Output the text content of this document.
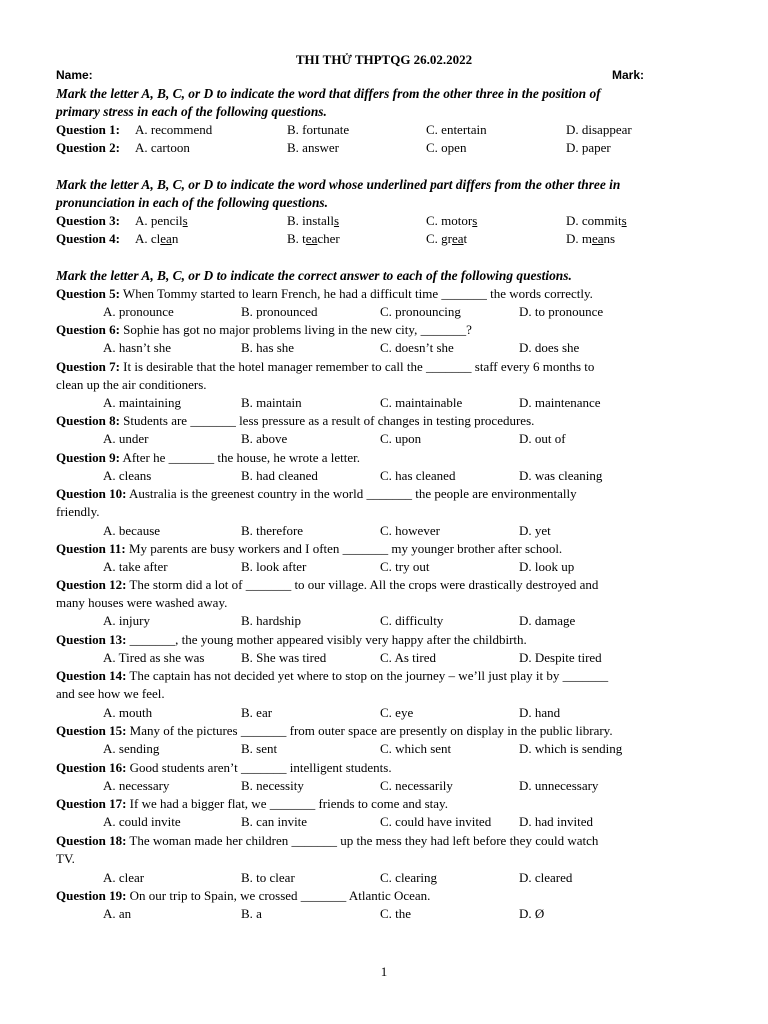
THI THỬ THPTQG 26.02.2022
Name:	Mark:
Mark the letter A, B, C, or D to indicate the word that differs from the other three in the position of
primary stress in each of the following questions.
Question 1: A. recommend	B. fortunate	C. entertain	D. disappear
Question 2: A. cartoon	B. answer	C. open	D. paper
Mark the letter A, B, C, or D to indicate the word whose underlined part differs from the other three in
pronunciation in each of the following questions.
Question 3: A. pencils	B. installs	C. motors	D. commits
Question 4: A. clean	B. teacher	C. great	D. means
Mark the letter A, B, C, or D to indicate the correct answer to each of the following questions.
Question 5: When Tommy started to learn French, he had a difficult time _______ the words correctly.
A. pronounce	B. pronounced	C. pronouncing	D. to pronounce
Question 6: Sophie has got no major problems living in the new city, _______?
A. hasn’t she	B. has she	C. doesn’t she	D. does she
Question 7: It is desirable that the hotel manager remember to call the _______ staff every 6 months to
clean up the air conditioners.
A. maintaining	B. maintain	C. maintainable	D. maintenance
Question 8: Students are _______ less pressure as a result of changes in testing procedures.
A. under	B. above	C. upon	D. out of
Question 9: After he _______ the house, he wrote a letter.
A. cleans	B. had cleaned	C. has cleaned	D. was cleaning
Question 10: Australia is the greenest country in the world _______ the people are environmentally
friendly.
A. because	B. therefore	C. however	D. yet
Question 11: My parents are busy workers and I often _______ my younger brother after school.
A. take after	B. look after	C. try out	D. look up
Question 12: The storm did a lot of _______ to our village. All the crops were drastically destroyed and
many houses were washed away.
A. injury	B. hardship	C. difficulty	D. damage
Question 13: _______, the young mother appeared visibly very happy after the childbirth.
A. Tired as she was	B. She was tired	C. As tired	D. Despite tired
Question 14: The captain has not decided yet where to stop on the journey – we’ll just play it by _______
and see how we feel.
A. mouth	B. ear	C. eye	D. hand
Question 15: Many of the pictures _______ from outer space are presently on display in the public library.
A. sending	B. sent	C. which sent	D. which is sending
Question 16: Good students aren’t _______ intelligent students.
A. necessary	B. necessity	C. necessarily	D. unnecessary
Question 17: If we had a bigger flat, we _______ friends to come and stay.
A. could invite	B. can invite	C. could have invited D. had invited
Question 18: The woman made her children _______ up the mess they had left before they could watch
TV.
A. clear	B. to clear	C. clearing	D. cleared
Question 19: On our trip to Spain, we crossed _______ Atlantic Ocean.
A. an	B. a	C. the	D. Ø
1
